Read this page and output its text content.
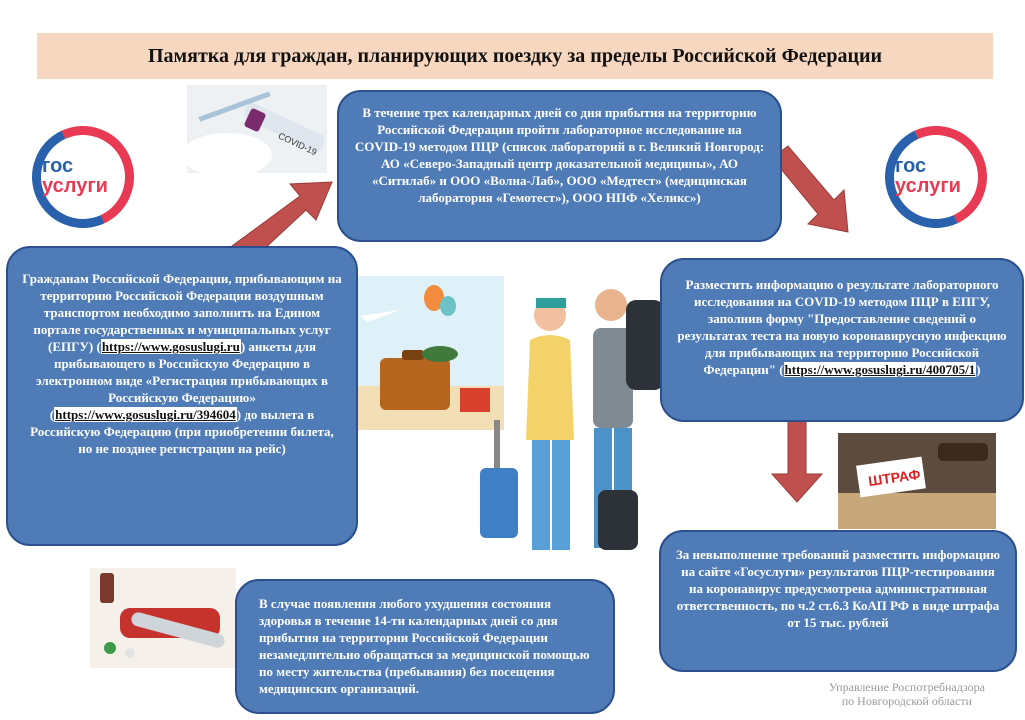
Памятка для граждан, планирующих поездку за пределы Российской Федерации
гос
услуги
гос
услуги
COVID-19
ШТРАФ
В течение трех календарных дней со дня прибытия на территорию Российской Федерации пройти лабораторное исследование на COVID-19 методом ПЦР (список лабораторий в г. Великий Новгород: АО «Северо-Западный центр доказательной медицины», АО «Ситилаб» и ООО «Волна-Лаб», ООО «Медтест» (медицинская лаборатория «Гемотест»), ООО НПФ «Хеликс»)
Гражданам Российской Федерации, прибывающим на территорию Российской Федерации воздушным транспортом необходимо заполнить на Едином портале государственных и муниципальных услуг (ЕПГУ) (https://www.gosuslugi.ru) анкеты для прибывающего в Российскую Федерацию в электронном виде «Регистрация прибывающих в Российскую Федерацию» (https://www.gosuslugi.ru/394604) до вылета в Российскую Федерацию (при приобретении билета, но не позднее регистрации на рейс)
Разместить информацию о результате лабораторного исследования на COVID-19 методом ПЦР в ЕПГУ, заполнив форму "Предоставление сведений о результатах теста на новую коронавирусную инфекцию для прибывающих на территорию Российской Федерации" (https://www.gosuslugi.ru/400705/1)
За невыполнение требований разместить информацию на сайте «Госуслуги» результатов ПЦР-тестирования на коронавирус предусмотрена административная ответственность, по ч.2 ст.6.3 КоАП РФ в виде штрафа от 15 тыс. рублей
В случае появления любого ухудшения состояния здоровья в течение 14-ти календарных дней со дня прибытия на территории Российской Федерации незамедлительно обращаться за медицинской помощью по месту жительства (пребывания) без посещения медицинских организаций.	Управление Роспотребнадзора
по Новгородской области
